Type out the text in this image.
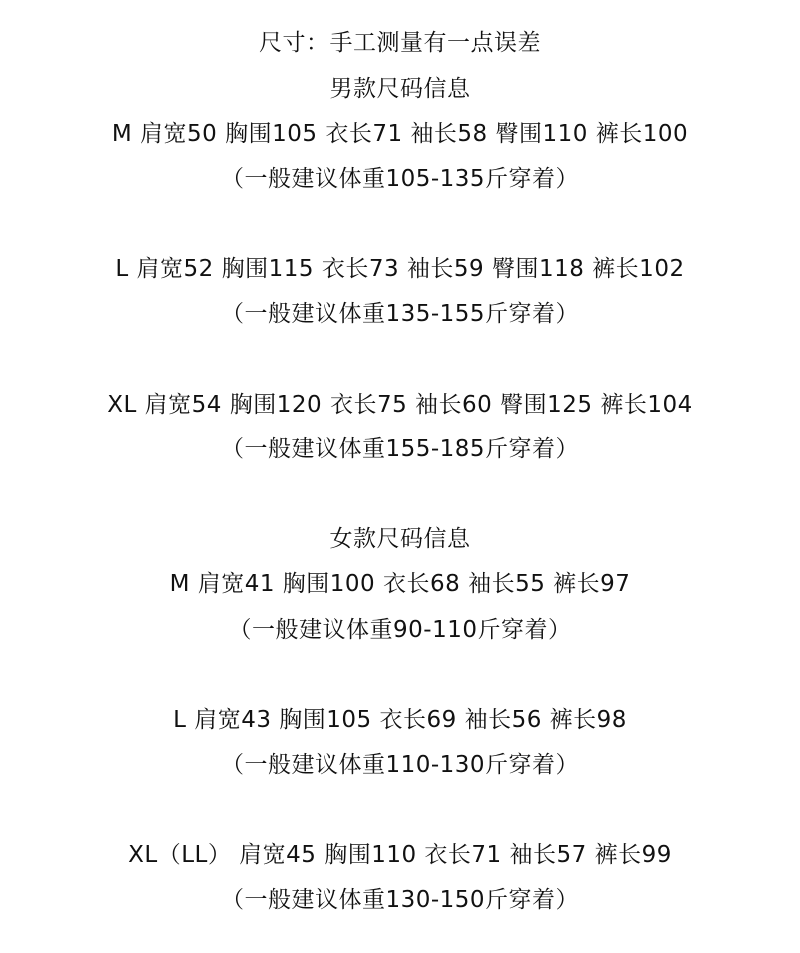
尺寸：手工测量有一点误差
男款尺码信息
M 肩宽50 胸围105 衣长71 袖长58 臀围110 裤长100
（一般建议体重105-135斤穿着）
L 肩宽52 胸围115 衣长73 袖长59 臀围118 裤长102
（一般建议体重135-155斤穿着）
XL 肩宽54 胸围120 衣长75 袖长60 臀围125 裤长104
（一般建议体重155-185斤穿着）
女款尺码信息
M 肩宽41 胸围100 衣长68 袖长55 裤长97
（一般建议体重90-110斤穿着）
L 肩宽43 胸围105 衣长69 袖长56 裤长98
（一般建议体重110-130斤穿着）
XL（LL） 肩宽45 胸围110 衣长71 袖长57 裤长99
（一般建议体重130-150斤穿着）
